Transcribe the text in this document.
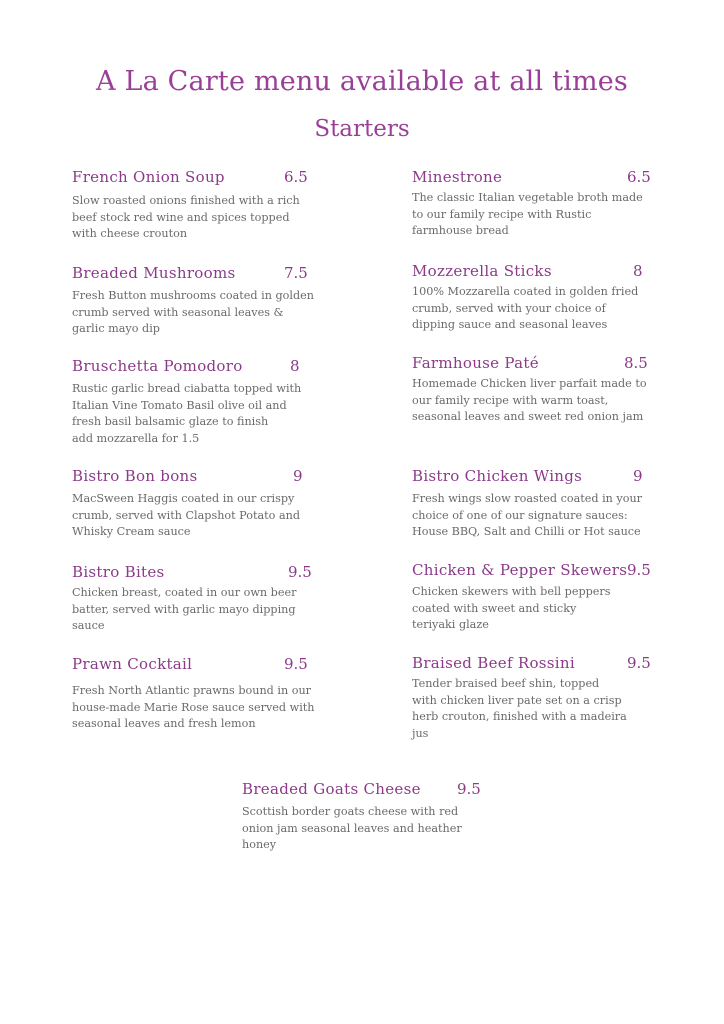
A La Carte menu available at all times
Starters
French Onion Soup	6.5
Slow roasted onions finished with a rich beef stock red wine and spices topped with cheese crouton
Minestrone	6.5
The classic Italian vegetable broth made to our family recipe with Rustic farmhouse bread
Breaded Mushrooms	7.5
Fresh Button mushrooms coated in golden crumb served with seasonal leaves & garlic mayo dip
Mozzerella Sticks	8
100% Mozzarella coated in golden fried crumb, served with your choice of dipping sauce and seasonal leaves
Bruschetta Pomodoro	8
Rustic garlic bread ciabatta topped with Italian Vine Tomato Basil olive oil and fresh basil balsamic glaze to finish
add mozzarella for 1.5
Farmhouse Paté	8.5
Homemade Chicken liver parfait made to our family recipe with warm toast, seasonal leaves and sweet red onion jam
Bistro Bon bons	9
MacSween Haggis coated in our crispy crumb, served with Clapshot Potato and Whisky Cream sauce
Bistro Chicken Wings	9
Fresh wings slow roasted coated in your choice of one of our signature sauces: House BBQ, Salt and Chilli or Hot sauce
Bistro Bites	9.5
Chicken breast, coated in our own beer batter, served with garlic mayo dipping sauce
Chicken & Pepper Skewers 9.5
Chicken skewers with bell peppers coated with sweet and sticky teriyaki glaze
Prawn Cocktail	9.5
Fresh North Atlantic prawns bound in our house-made Marie Rose sauce served with seasonal leaves and fresh lemon
Braised Beef Rossini	9.5
Tender braised beef shin, topped with chicken liver pate set on a crisp herb crouton, finished with a madeira jus
Breaded Goats Cheese 9.5
Scottish border goats cheese with red onion jam seasonal leaves and heather honey
